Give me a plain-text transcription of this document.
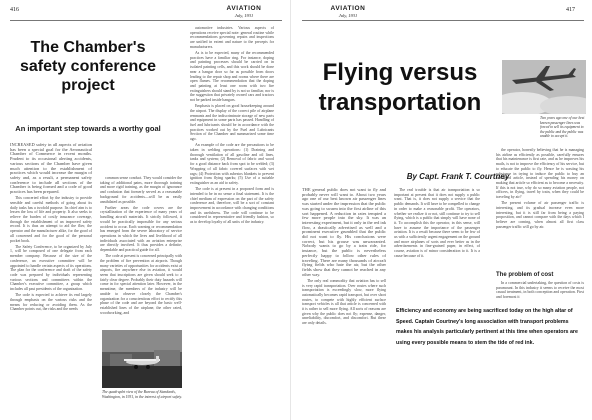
416	AVIATION
July, 1931
The Chamber's
safety conference
project
An important step towards a worthy goal

INCREASED safety in all aspects of aviation has been a special goal for the Aeronautical Chamber of Commerce in recent months. Prudent to its occasional alerting accidents, various sections of the Chamber have given much attention to the establishment of practices which would increase the margin of safety and, as a result, a permanent safety conference to include all sections of the Chamber is being formed and a code of good practices has been prepared.

This concerted effort by the industry to provide sensible and careful methods of going about its daily tasks has a twofold purpose. Its chief aim is to lessen the loss of life and property. It also seeks to relieve the burden of costly insurance coverage, through the establishment of an improved safety record. It is thus an attempt to aid the flier, the operator and the manufacturer alike, for the good of all concerned and for the good of the personal pocket book.

The Safety Conference, to be organized by July 1, will be composed of one delegate from each member company. Because of the size of the conference, an executive committee will be appointed to handle certain aspects of its operations. The plan for the conference and draft of the safety code was prepared by individuals representing various sections and committees within the Chamber's executive committee, a group which includes all past presidents of the organization.

The code is expected to achieve its end largely through emphasis on the various risks and the means for reducing or avoiding them. As the Chamber points out, the risks and the needs

common sense conduct. They would consider the taking of additional pains, more thorough training and more rigid training, as the margin of ignorance and confusion that formerly served as a reasonable background for accidents—will be as easily annihilated as possible.

Further areas the code covers are the crystallization of the experience of many years of handling aircraft materials. It strictly followed, it would be practically impossible for any serious accident to occur. Each warning or recommendation has emerged from the severe laboratory of service operations in which the lives and livelihood of all individuals associated with an aviation enterprise are directly involved. It thus provides a definite, dependable and practical guide for all.

The code at present is concerned principally with the problem of fire prevention at airports. Though many varieties of opportunities for accidents exist at airports, fire anywhere else in aviation, it would seem that inscriptions are given should seek to a fairly clear degree. Probably their duty hazards will come in for special attention later. However, in the meantime, the members of the industry will be unable to observe closely the Chamber's organization for a conscientious effort to rectify this phase of the code and are beyond the basic well-established lines of the airplane, the other rated, woodworking, and

The quadruplet view of the Bureau of Standards, Washington, in 1931, in the interest of airport safety.

automotive industries. Various aspects of operations receive special note: general routine while recommendations governing repairs and inspections are unified in extent and nature to the precepts for manufacturers.

As is to be expected, many of the recommended practices have a familiar ring. For instance, doping and painting processes should be carried on in isolated painting cells, and this work should be done near a hangar door so far as possible from doors leading to the repair shop and rooms where there are open flames. The recommendation that the doping and painting at least one room with two fire extinguishers should stand by is not so familiar, nor is the suggestion that privately owned cars and tractors not be parked inside hangars.

Emphasis is placed on good housekeeping around the airport. The display of the correct pile of airplane remnants and the indiscriminate storage of new parts and equipment in some parts has passed. Handling of fuel and lubricants should be in accordance with the practices worked out by the Fuel and Lubricants Section of the Chamber and summarized some time ago.

An example of the code are the precautions to be taken in welding operations: (1) Draining and thorough ventilation of all gasoline and oil lines, tanks and system; (2) Removal of fabric and wood for a good distance back from spot to be welded; (3) Wrapping of all fabric covered surfaces with wet rags; (4) Protection with asbestos blankets to prevent ignition from flying sparks; (5) Use of a suitable extinguisher as an aid to safety.

The code is at present in a proposed form and is intended to be in no sense a final statement. It is the chief medium of expression on the part of the safety conference and, therefore, will be a sort of constant improvement in accordance with changing conditions and its usefulness. The code will continue to be considered in representative and friendly fashion, so as to develop loyalty of all units of the industry.

AVIATION
July, 1931
417
Flying versus
transportation
Two years ago one of our best known passenger lines was forced to sell its equipment to the public and the public was unable to accept it.
By Capt. Frank T. Courtney

THE general public does not want to fly and probably never will want to. About two years ago one of our best known air passenger lines was started under the impression that the public was going to swarm into the first airline of this sort happened. A reduction in rates tempted a few more people into the sky. It was an interesting experiment, but it only in the red ink flow, a drastically advertised as well and a prominent executive grumbled that the public did not want to fly. His conclusions were correct, but his grouse was unwarranted. Nobody wants to go by a train ride, for instance, but the public is nevertheless perfectly happy to follow other rules of traveling. There are many thousands of aircraft flying fields who hate the air, but the other fields show that they cannot be reached in any other way.

The only real commodity that aviation has to sell is very rapid transportation. Over routes where such transportation is exceedingly slow, more flying automatically becomes rapid transport, but over short routes, to compete with highly efficient surface transport vehicles is all that article is concerned with it is rather to sell more flying. All sorts of reasons are given why the public does not fly; expense, danger, unreliability, discomfort, and discomfort. But these are only details.

The real trouble is that air transportation is so important at present that it does not supply a public want. That is, it does not supply a service that the public demands. It will have to be compelled to change in order to make a reasonable profit. The operators, whether we realize it or not, still continue to try to sell flying, which is a public that simply will have none of it. To accomplish this the operator, in this sense, will have to assume the importance of the passenger aviation. It is a result because there seem to be few of us with a sufficiently urgent engagement on the ground and more airplanes of sorts and ever better as in the advertisements in fine-grained paper, in effect, of course, aviation is of minor consideration to it. It is a cause because of it.

the operator, honestly believing that he is managing his airline as efficiently as possible, carefully ensures that his maintenance is first rate, and as he improves his mails, is not to improve the efficiency of his service, but to educate the public to fly. Hence he is wasting his substance in trying to induce the public to buy an unwanted article, instead of spending his money on making that article so efficient as to become a necessity. If this is not true, why do so many aviation people, not officers, in flying, travel by train, when they could be traveling by air?

The present volume of air passenger traffic is interesting, and its gradual increase even more interesting, but it is still far from being a paying proposition, and cannot compare with the days which I believe are coming, when almost all first class passenger traffic will go by air.

The problem of cost

In a commercial undertaking, the question of costs is paramount. In this industry it seems to receive the most casual treatment, in both conception and operation. First and foremost it

Efficiency and economy are being sacrificed today on the high altar of Speed. Captain Courtney's long association with transport problems makes his analysis particularly pertinent at this time when operators are using every possible means to stem the tide of red ink.
